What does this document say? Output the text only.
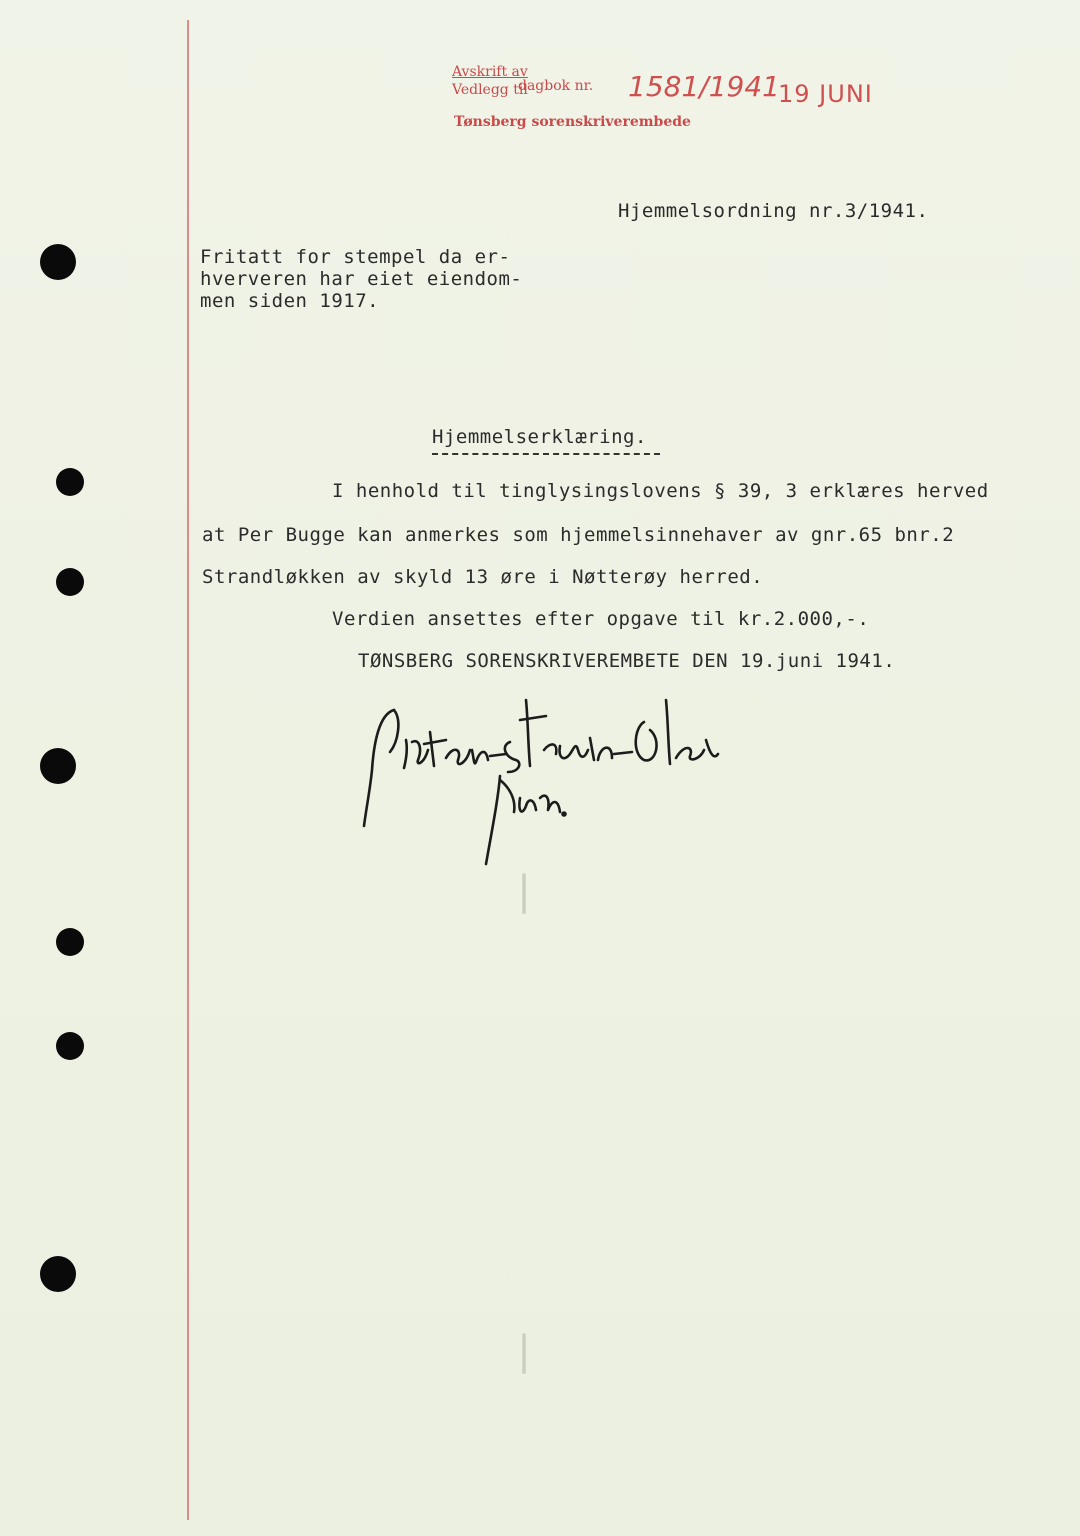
Avskrift av
Vedlegg til
dagbok nr. 1581/1941
Tønsberg sorenskriverembede
19 JUNI
Hjemmelsordning nr.3/1941.
Fritatt for stempel da er-
hververen har eiet eiendom-
men siden 1917.
Hjemmelserklæring.
I henhold til tinglysingslovens § 39, 3 erklæres herved
at Per Bugge kan anmerkes som hjemmelsinnehaver av gnr.65 bnr.2
Strandløkken av skyld 13 øre i Nøtterøy herred.
Verdien ansettes efter opgave til kr.2.000,-.
TØNSBERG SORENSKRIVEREMBETE DEN 19.juni 1941.
|
|
